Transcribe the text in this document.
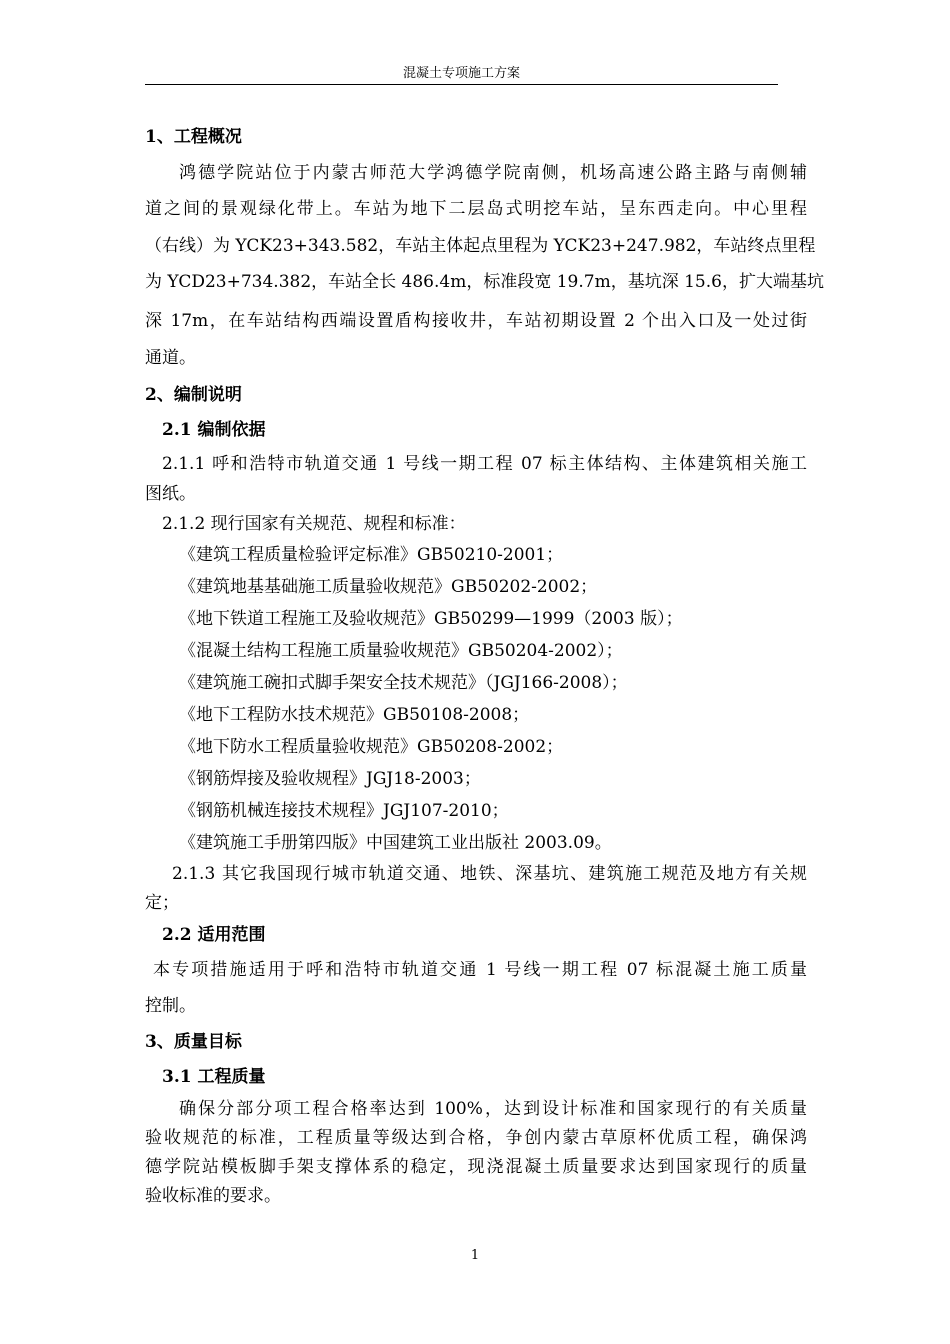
混凝土专项施工方案
1、工程概况
鸿德学院站位于内蒙古师范大学鸿德学院南侧，机场高速公路主路与南侧辅
道之间的景观绿化带上。车站为地下二层岛式明挖车站，呈东西走向。中心里程
（右线）为 YCK23+343.582，车站主体起点里程为 YCK23+247.982，车站终点里程
为 YCD23+734.382，车站全长 486.4m，标准段宽 19.7m，基坑深 15.6，扩大端基坑
深 17m，在车站结构西端设置盾构接收井，车站初期设置 2 个出入口及一处过街
通道。
2、编制说明
2.1 编制依据
2.1.1 呼和浩特市轨道交通 1 号线一期工程 07 标主体结构、主体建筑相关施工
图纸。
2.1.2 现行国家有关规范、规程和标准：
《建筑工程质量检验评定标准》GB50210-2001；
《建筑地基基础施工质量验收规范》GB50202-2002；
《地下铁道工程施工及验收规范》GB50299—1999（2003 版）；
《混凝土结构工程施工质量验收规范》GB50204-2002）；
《建筑施工碗扣式脚手架安全技术规范》（JGJ166-2008）；
《地下工程防水技术规范》GB50108-2008；
《地下防水工程质量验收规范》GB50208-2002；
《钢筋焊接及验收规程》JGJ18-2003；
《钢筋机械连接技术规程》JGJ107-2010；
《建筑施工手册第四版》中国建筑工业出版社 2003.09。
2.1.3 其它我国现行城市轨道交通、地铁、深基坑、建筑施工规范及地方有关规
定；
2.2 适用范围
本专项措施适用于呼和浩特市轨道交通 1 号线一期工程 07 标混凝土施工质量
控制。
3、质量目标
3.1 工程质量
确保分部分项工程合格率达到 100%，达到设计标准和国家现行的有关质量
验收规范的标准，工程质量等级达到合格，争创内蒙古草原杯优质工程，确保鸿
德学院站模板脚手架支撑体系的稳定，现浇混凝土质量要求达到国家现行的质量
验收标准的要求。
1
